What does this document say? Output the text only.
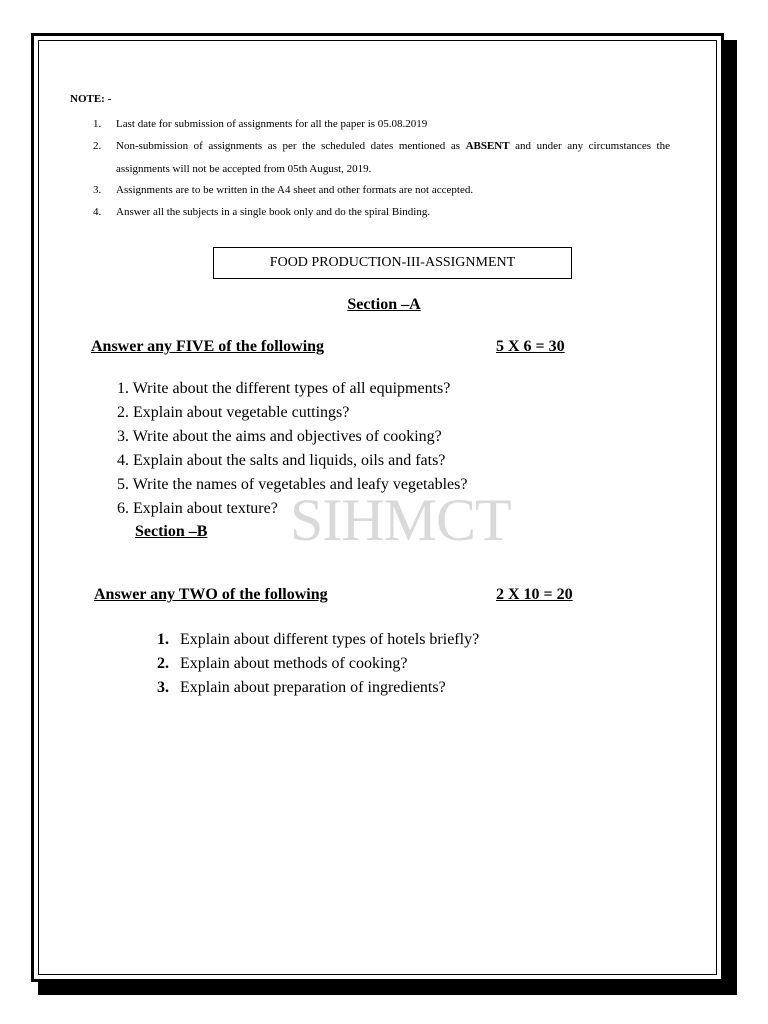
NOTE: -
1. Last date for submission of assignments for all the paper is 05.08.2019
2. Non-submission of assignments as per the scheduled dates mentioned as ABSENT and under any circumstances the assignments will not be accepted from 05th August, 2019.
3. Assignments are to be written in the A4 sheet and other formats are not accepted.
4. Answer all the subjects in a single book only and do the spiral Binding.
FOOD PRODUCTION-III-ASSIGNMENT
Section –A
Answer any FIVE of the following	5 X 6 = 30
SIHMCT
1. Write about the different types of all equipments?
2. Explain about vegetable cuttings?
3. Write about the aims and objectives of cooking?
4. Explain about the salts and liquids, oils and fats?
5. Write the names of vegetables and leafy vegetables?
6. Explain about texture?
Section –B
Answer any TWO of the following	2 X 10 = 20
1. Explain about different types of hotels briefly?
2. Explain about methods of cooking?
3. Explain about preparation of ingredients?
